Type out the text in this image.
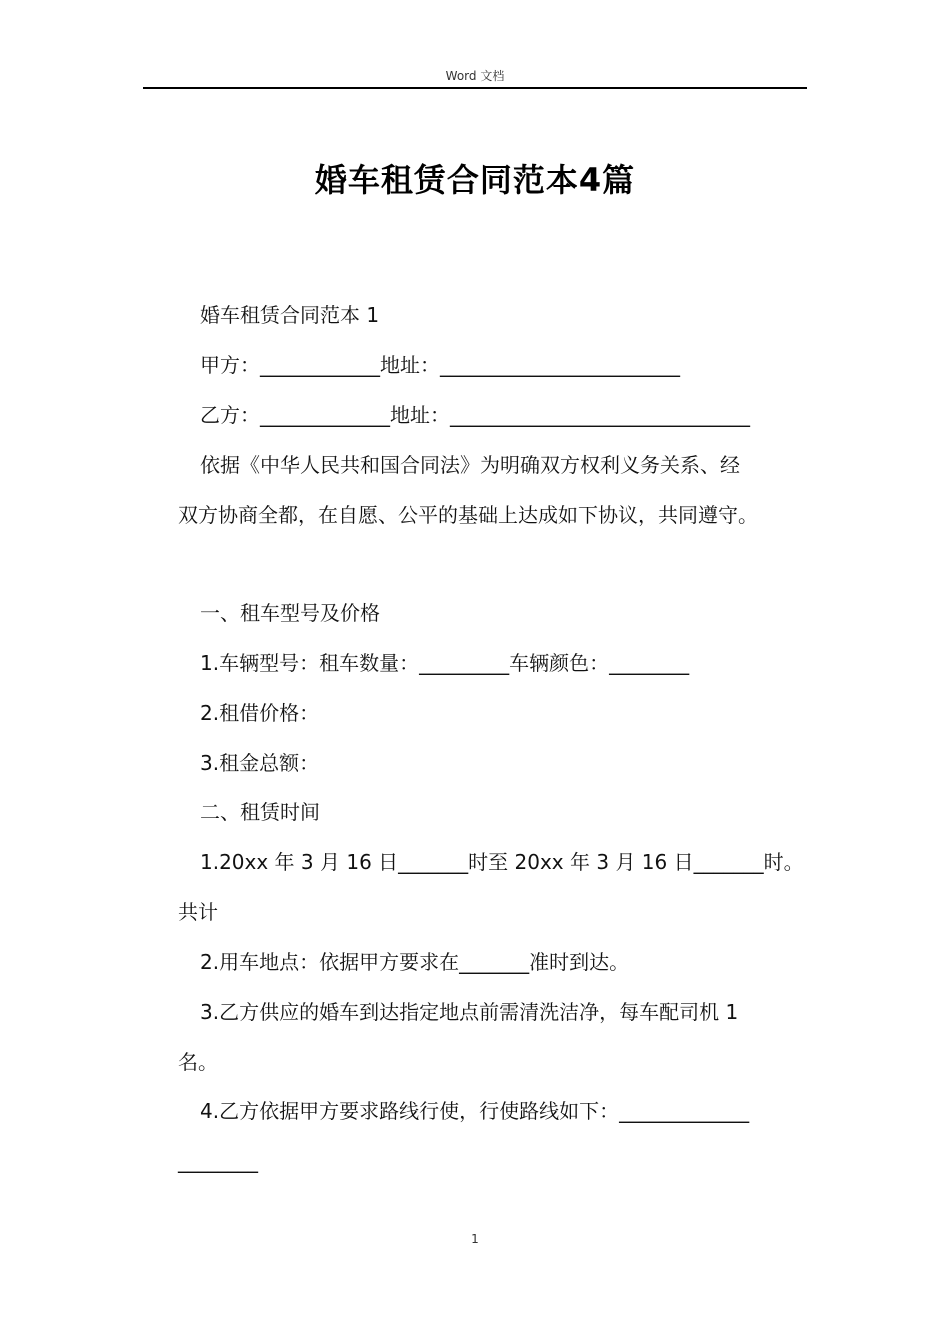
Word 文档
婚车租赁合同范本4篇
婚车租赁合同范本 1
甲方：____________地址：________________________
乙方：_____________地址：______________________________
依据《中华人民共和国合同法》为明确双方权利义务关系、经
双方协商全都，在自愿、公平的基础上达成如下协议，共同遵守。
一、租车型号及价格
1.车辆型号：租车数量：_________车辆颜色：________
2.租借价格：
3.租金总额：
二、租赁时间
1.20xx 年 3 月 16 日_______时至 20xx 年 3 月 16 日_______时。
共计
2.用车地点：依据甲方要求在_______准时到达。
3.乙方供应的婚车到达指定地点前需清洗洁净，每车配司机 1
名。
4.乙方依据甲方要求路线行使，行使路线如下：_____________
________
1
